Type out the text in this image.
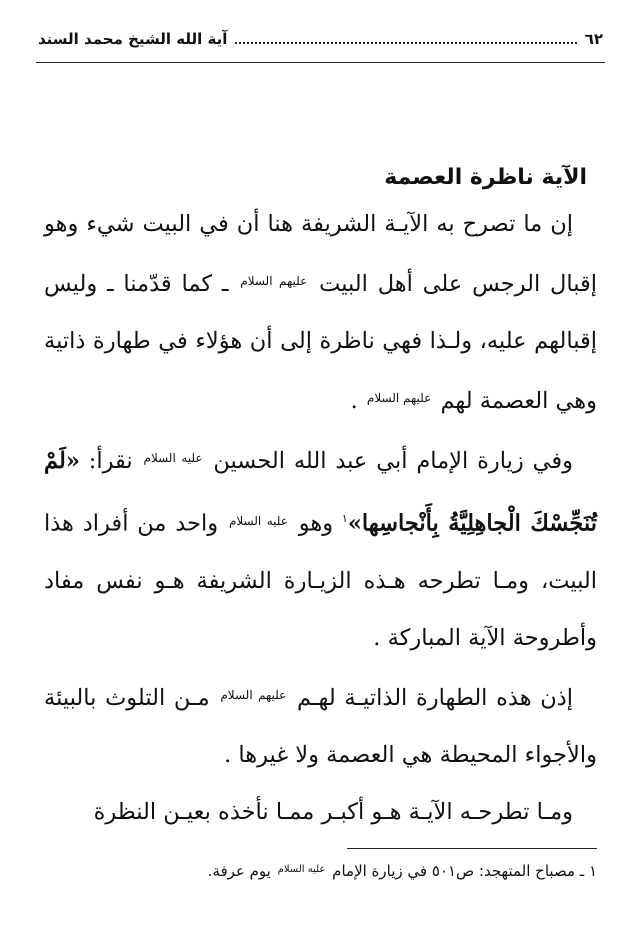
٦٢
آية الله الشيخ محمد السند
الآية ناظرة العصمة

إن ما تصرح به الآيـة الشريفة هنا أن في البيت شيء وهو إقبال الرجس على أهل البيت $^{عليهم السلام}$ ـ كما قدّمنا ـ وليس إقبالهم عليه، ولـذا فهي ناظرة إلى أن هؤلاء في طهارة ذاتية وهي العصمة لهم $^{عليهم السلام}$ .

وفي زيارة الإمام أبي عبد الله الحسين $^{عليه السلام}$ نقرأ: «لَمْ تُنَجِّسْكَ الْجاهِلِيَّةُ بِأَنْجاسِها»$^١$ وهو $^{عليه السلام}$ واحد من أفراد هذا البيت، ومـا تطرحه هـذه الزيـارة الشريفة هـو نفس مفاد وأطروحة الآية المباركة .

إذن هذه الطهارة الذاتيـة لهـم $^{عليهم السلام}$ مـن التلوث بالبيئة والأجواء المحيطة هي العصمة ولا غيرها .

ومـا تطرحـه الآيـة هـو أكبـر ممـا نأخذه بعيـن النظرة

١ ـ مصباح المتهجد: ص٥٠١ في زيارة الإمام $^{عليه السلام}$ يوم عرفة.
